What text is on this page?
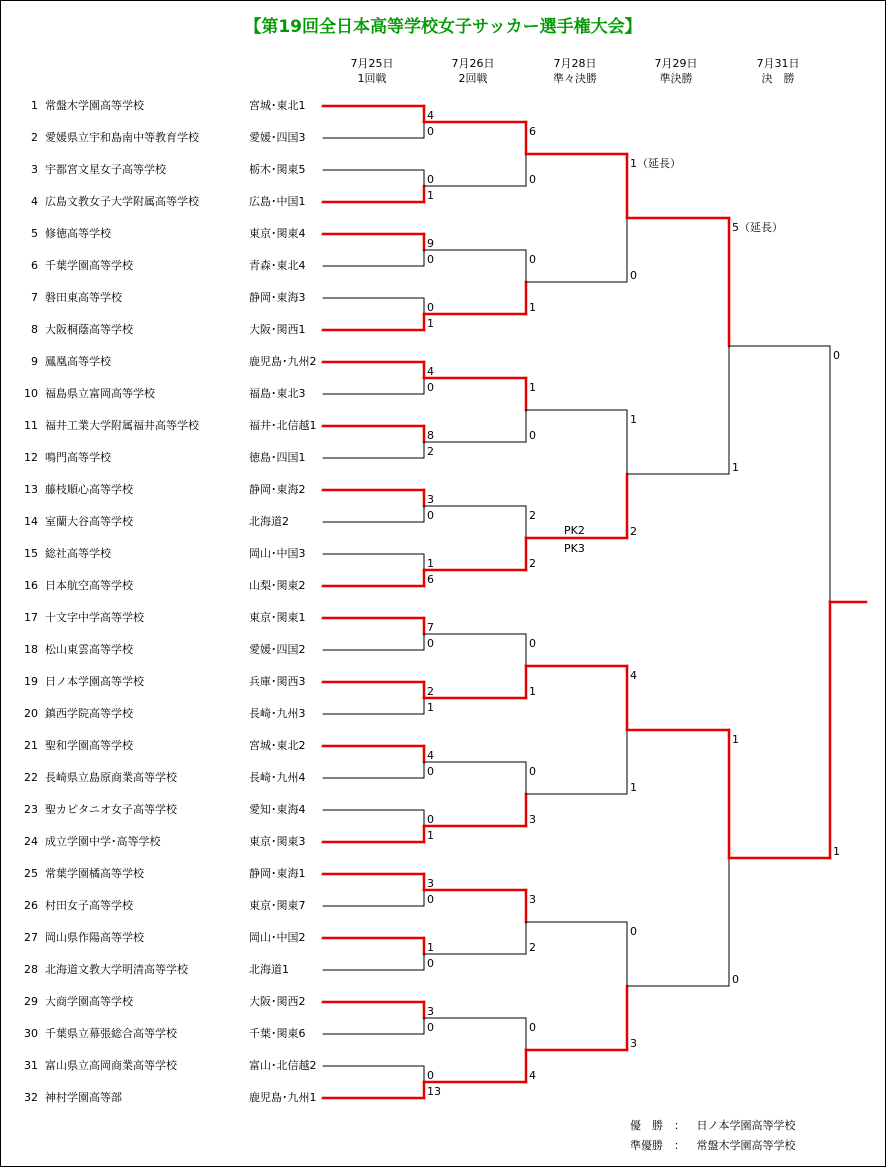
【第19回全日本高等学校女子サッカー選手権大会】
7月25日
1回戦
7月26日
2回戦
7月28日
準々決勝
7月29日
準決勝
7月31日
決　勝
1 常盤木学園高等学校	宮城･東北1
2 愛媛県立宇和島南中等教育学校	愛媛･四国3
3 宇都宮文星女子高等学校	栃木･関東5
4 広島文教女子大学附属高等学校	広島･中国1
5 修徳高等学校	東京･関東4
6 千葉学園高等学校	青森･東北4
7 磐田東高等学校	静岡･東海3
8 大阪桐蔭高等学校	大阪･関西1
9 鳳凰高等学校	鹿児島･九州2
10 福島県立富岡高等学校	福島･東北3
11 福井工業大学附属福井高等学校	福井･北信越1
12 鳴門高等学校	徳島･四国1
13 藤枝順心高等学校	静岡･東海2
14 室蘭大谷高等学校	北海道2
15 総社高等学校	岡山･中国3
16 日本航空高等学校	山梨･関東2
17 十文字中学高等学校	東京･関東1
18 松山東雲高等学校	愛媛･四国2
19 日ノ本学園高等学校	兵庫･関西3
20 鎮西学院高等学校	長崎･九州3
21 聖和学園高等学校	宮城･東北2
22 長崎県立島原商業高等学校	長崎･九州4
23 聖カピタニオ女子高等学校	愛知･東海4
24 成立学園中学･高等学校	東京･関東3
25 常葉学園橘高等学校	静岡･東海1
26 村田女子高等学校	東京･関東7
27 岡山県作陽高等学校	岡山･中国2
28 北海道文教大学明清高等学校	北海道1
29 大商学園高等学校	大阪･関西2
30 千葉県立幕張総合高等学校	千葉･関東6
31 富山県立高岡商業高等学校	富山･北信越2
32 神村学園高等部	鹿児島･九州1
4
0
0
1
9
0
0
1
4
0
8
2
3
0
1
6
7
0
2
1
4
0
0
1
3
0
1
0
3
0
0
13
6
0
0
1
1
0
2
2
0
1
0
3
3
2
0
4
1（延長）
0
1
2
4
1
0
3
5（延長）
1
1
0
0
1
PK2
PK3
優　勝　： 日ノ本学園高等学校
準優勝　： 常盤木学園高等学校
